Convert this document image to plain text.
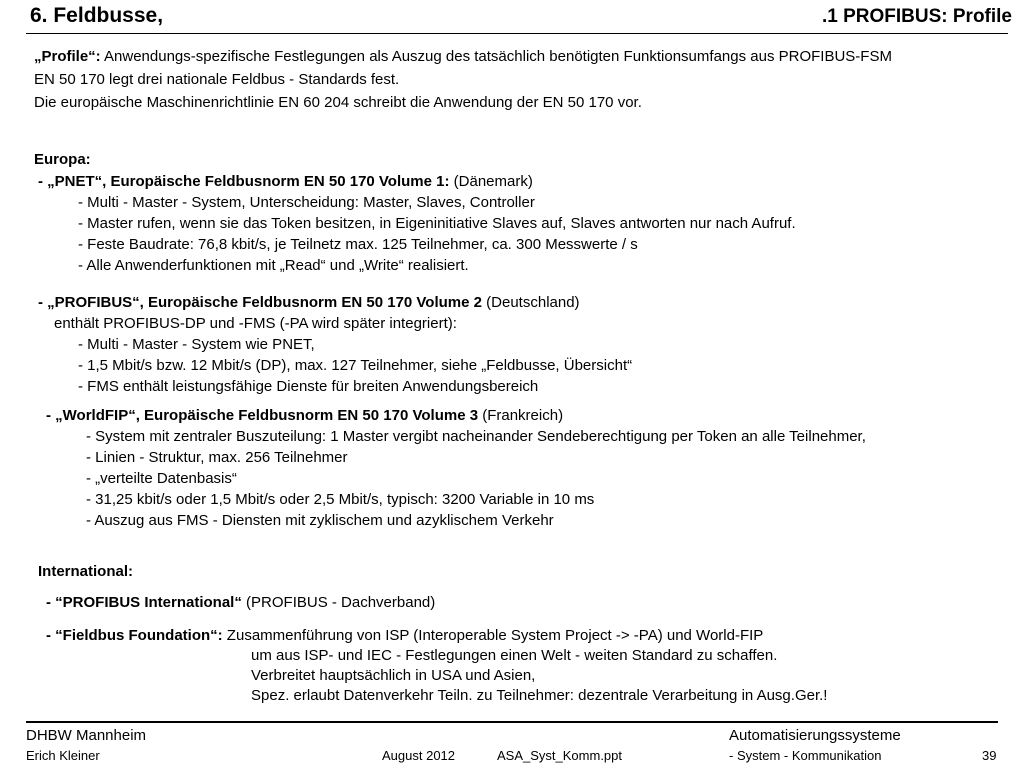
6. Feldbusse,	.1 PROFIBUS: Profile
„Profile“: Anwendungs-spezifische Festlegungen als Auszug des tatsächlich benötigten Funktionsumfangs aus PROFIBUS-FSM
EN 50 170 legt drei nationale Feldbus - Standards fest.
Die europäische Maschinenrichtlinie EN 60 204 schreibt die Anwendung der EN 50 170 vor.
Europa:
- „PNET“, Europäische Feldbusnorm EN 50 170 Volume 1: (Dänemark)
- Multi - Master - System, Unterscheidung: Master, Slaves, Controller
- Master rufen, wenn sie das Token besitzen, in Eigeninitiative Slaves auf, Slaves antworten nur nach Aufruf.
- Feste Baudrate: 76,8 kbit/s, je Teilnetz max. 125 Teilnehmer, ca. 300 Messwerte / s
- Alle Anwenderfunktionen mit „Read“ und „Write“ realisiert.
- „PROFIBUS“, Europäische Feldbusnorm EN 50 170 Volume 2 (Deutschland)
enthält PROFIBUS-DP und -FMS (-PA wird später integriert):
- Multi - Master - System wie PNET,
- 1,5 Mbit/s bzw. 12 Mbit/s (DP), max. 127 Teilnehmer, siehe „Feldbusse, Übersicht“
- FMS enthält leistungsfähige Dienste für breiten Anwendungsbereich
- „WorldFIP“, Europäische Feldbusnorm EN 50 170 Volume 3 (Frankreich)
- System mit zentraler Buszuteilung: 1 Master vergibt nacheinander Sendeberechtigung per Token an alle Teilnehmer,
- Linien - Struktur, max. 256 Teilnehmer
- „verteilte Datenbasis“
- 31,25 kbit/s oder 1,5 Mbit/s oder 2,5 Mbit/s, typisch: 3200 Variable in 10 ms
- Auszug aus FMS - Diensten mit zyklischem und azyklischem Verkehr
International:
- “PROFIBUS International“ (PROFIBUS - Dachverband)
- “Fieldbus Foundation“: Zusammenführung von ISP (Interoperable System Project -> -PA) und World-FIP
um aus ISP- und IEC - Festlegungen einen Welt - weiten Standard zu schaffen.
Verbreitet hauptsächlich in USA und Asien,
Spez. erlaubt Datenverkehr Teiln. zu Teilnehmer: dezentrale Verarbeitung in Ausg.Ger.!
DHBW Mannheim
Erich Kleiner	August 2012	ASA_Syst_Komm.ppt
Automatisierungssysteme
- System - Kommunikation	39
